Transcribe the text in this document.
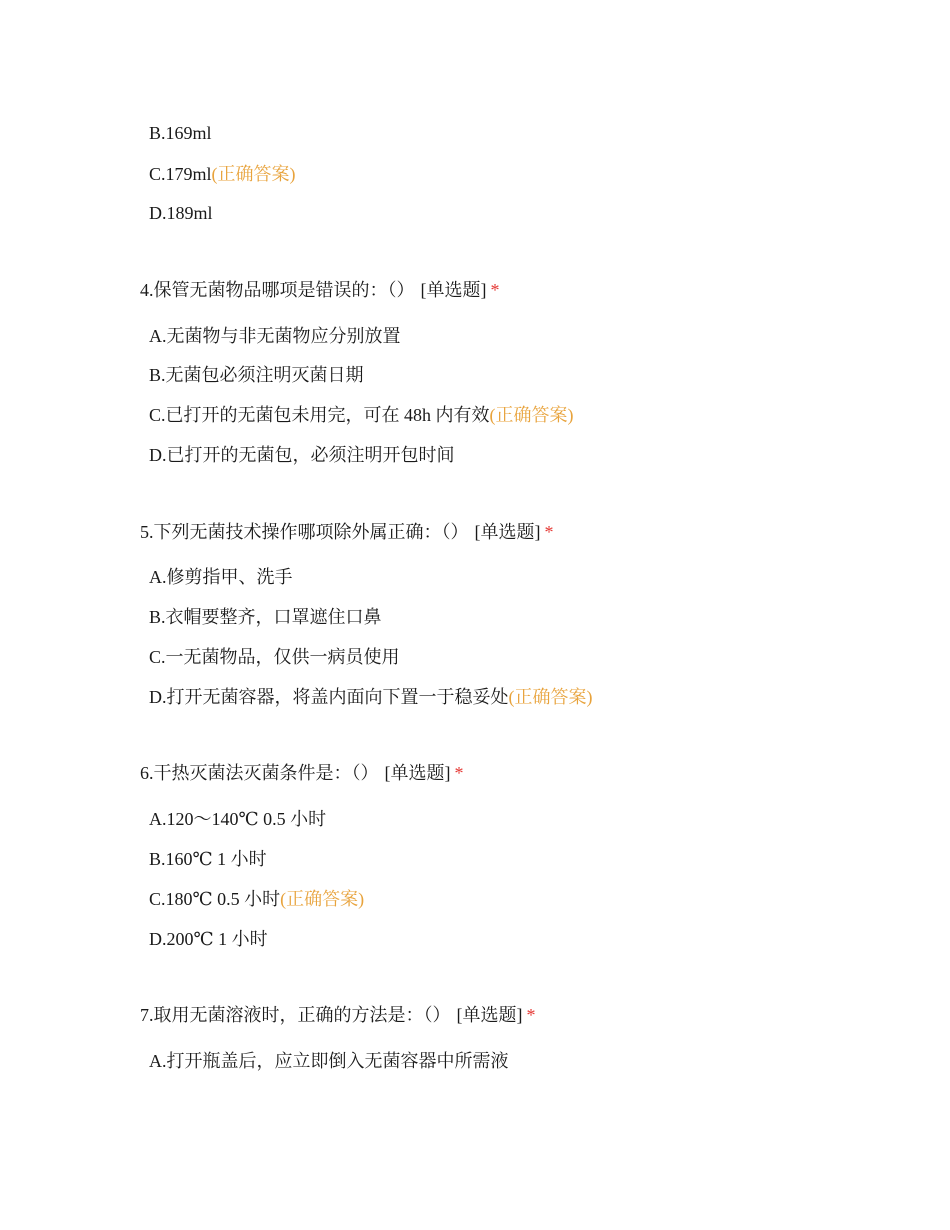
B.169ml
C.179ml(正确答案)
D.189ml
4.保管无菌物品哪项是错误的：（） [单选题] *
A.无菌物与非无菌物应分别放置
B.无菌包必须注明灭菌日期
C.已打开的无菌包未用完，可在 48h 内有效(正确答案)
D.已打开的无菌包，必须注明开包时间
5.下列无菌技术操作哪项除外属正确：（） [单选题] *
A.修剪指甲、洗手
B.衣帽要整齐，口罩遮住口鼻
C.一无菌物品，仅供一病员使用
D.打开无菌容器，将盖内面向下置一于稳妥处(正确答案)
6.干热灭菌法灭菌条件是：（） [单选题] *
A.120～140℃ 0.5 小时
B.160℃ 1 小时
C.180℃ 0.5 小时(正确答案)
D.200℃ 1 小时
7.取用无菌溶液时，正确的方法是：（） [单选题] *
A.打开瓶盖后，应立即倒入无菌容器中所需液
